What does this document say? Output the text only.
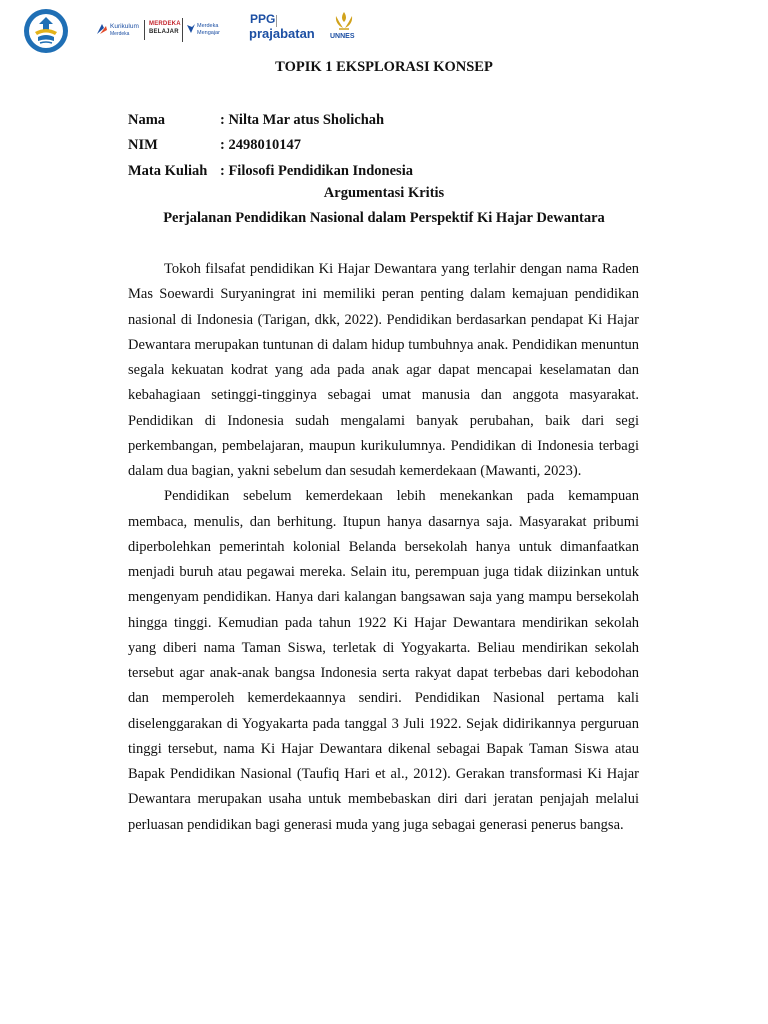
Kurikulum
Merdeka
MERDEKA
BELAJAR
Merdeka
Mengajar
PPG
prajabatan UNNES
TOPIK 1 EKSPLORASI KONSEP
Nama	: Nilta Mar atus Sholichah
NIM	: 2498010147
Mata Kuliah : Filosofi Pendidikan Indonesia
Argumentasi Kritis
Perjalanan Pendidikan Nasional dalam Perspektif Ki Hajar Dewantara

Tokoh filsafat pendidikan Ki Hajar Dewantara yang terlahir dengan nama Raden Mas Soewardi Suryaningrat ini memiliki peran penting dalam kemajuan pendidikan nasional di Indonesia (Tarigan, dkk, 2022). Pendidikan berdasarkan pendapat Ki Hajar Dewantara merupakan tuntunan di dalam hidup tumbuhnya anak. Pendidikan menuntun segala kekuatan kodrat yang ada pada anak agar dapat mencapai keselamatan dan kebahagiaan setinggi-tingginya sebagai umat manusia dan anggota masyarakat. Pendidikan di Indonesia sudah mengalami banyak perubahan, baik dari segi perkembangan, pembelajaran, maupun kurikulumnya. Pendidikan di Indonesia terbagi dalam dua bagian, yakni sebelum dan sesudah kemerdekaan (Mawanti, 2023).

Pendidikan sebelum kemerdekaan lebih menekankan pada kemampuan membaca, menulis, dan berhitung. Itupun hanya dasarnya saja. Masyarakat pribumi diperbolehkan pemerintah kolonial Belanda bersekolah hanya untuk dimanfaatkan menjadi buruh atau pegawai mereka. Selain itu, perempuan juga tidak diizinkan untuk mengenyam pendidikan. Hanya dari kalangan bangsawan saja yang mampu bersekolah hingga tinggi. Kemudian pada tahun 1922 Ki Hajar Dewantara mendirikan sekolah yang diberi nama Taman Siswa, terletak di Yogyakarta. Beliau mendirikan sekolah tersebut agar anak-anak bangsa Indonesia serta rakyat dapat terbebas dari kebodohan dan memperoleh kemerdekaannya sendiri. Pendidikan Nasional pertama kali diselenggarakan di Yogyakarta pada tanggal 3 Juli 1922. Sejak didirikannya perguruan tinggi tersebut, nama Ki Hajar Dewantara dikenal sebagai Bapak Taman Siswa atau Bapak Pendidikan Nasional (Taufiq Hari et al., 2012). Gerakan transformasi Ki Hajar Dewantara merupakan usaha untuk membebaskan diri dari jeratan penjajah melalui perluasan pendidikan bagi generasi muda yang juga sebagai generasi penerus bangsa.
